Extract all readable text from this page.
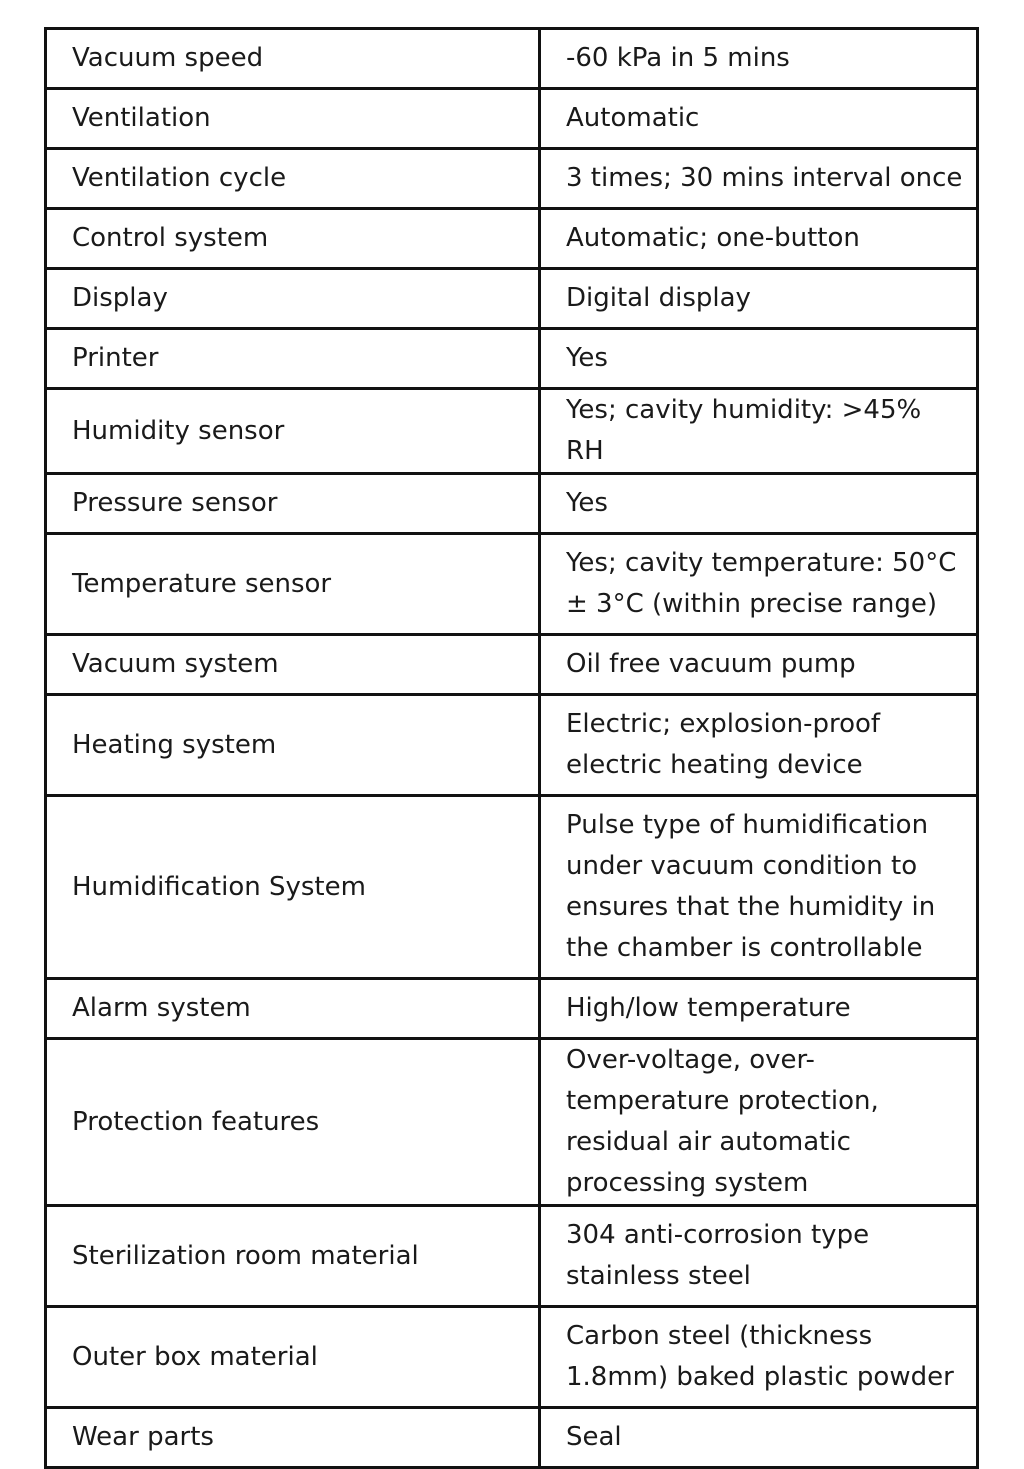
Vacuum speed	-60 kPa in 5 mins
Ventilation	Automatic
Ventilation cycle	3 times; 30 mins interval once
Control system	Automatic; one-button
Display	Digital display
Printer	Yes
Humidity sensor	Yes; cavity humidity: >45% RH
Pressure sensor	Yes
Temperature sensor	Yes; cavity temperature: 50°C ± 3°C (within precise range)
Vacuum system	Oil free vacuum pump
Heating system	Electric; explosion-proof electric heating device
Humidification System	Pulse type of humidification under vacuum condition to ensures that the humidity in the chamber is controllable
Alarm system	High/low temperature
Protection features	Over-voltage, over-temperature protection, residual air automatic processing system
Sterilization room material	304 anti-corrosion type stainless steel
Outer box material	Carbon steel (thickness 1.8mm) baked plastic powder
Wear parts	Seal
